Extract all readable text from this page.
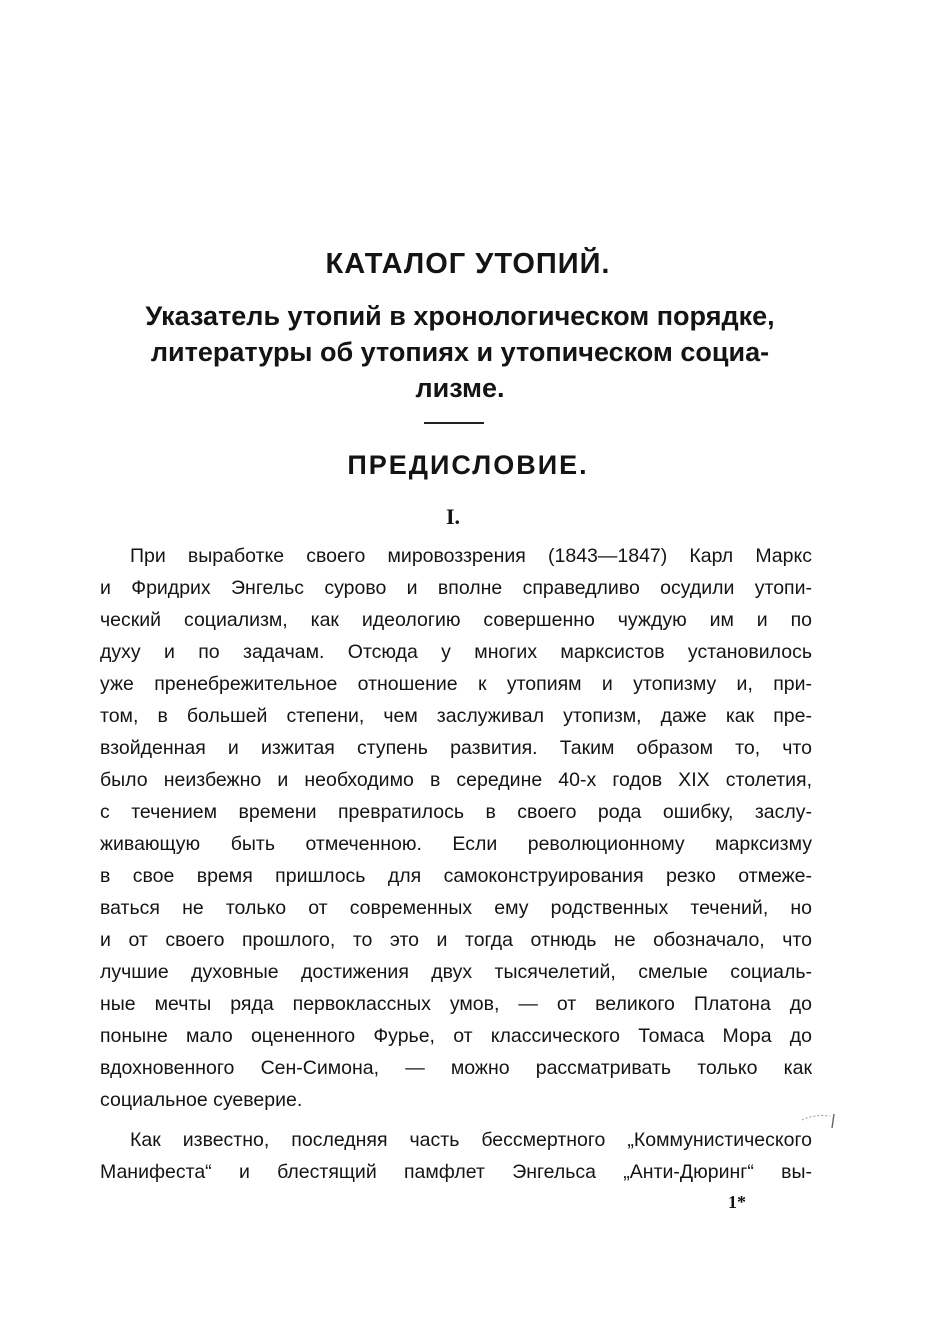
КАТАЛОГ УТОПИЙ.
Указатель утопий в хронологическом порядке,
литературы об утопиях и утопическом социа-
лизме.
ПРЕДИСЛОВИЕ.
I.
При выработке своего мировоззрения (1843—1847) Карл Маркс
и Фридрих Энгельс сурово и вполне справедливо осудили утопи-
ческий социализм, как идеологию совершенно чуждую им и по
духу и по задачам. Отсюда у многих марксистов установилось
уже пренебрежительное отношение к утопиям и утопизму и, при-
том, в большей степени, чем заслуживал утопизм, даже как пре-
взойденная и изжитая ступень развития. Таким образом то, что
было неизбежно и необходимо в середине 40-х годов XIX столетия,
с течением времени превратилось в своего рода ошибку, заслу-
живающую быть отмеченною. Если революционному марксизму
в свое время пришлось для самоконструирования резко отмеже-
ваться не только от современных ему родственных течений, но
и от своего прошлого, то это и тогда отнюдь не обозначало, что
лучшие духовные достижения двух тысячелетий, смелые социаль-
ные мечты ряда первоклассных умов, — от великого Платона до
поныне мало оцененного Фурье, от классического Томаса Мора до
вдохновенного Сен-Симона, — можно рассматривать только как
социальное суеверие.
Как известно, последняя часть бессмертного „Коммунистического
Манифеста“ и блестящий памфлет Энгельса „Анти-Дюринг“ вы-
1*
